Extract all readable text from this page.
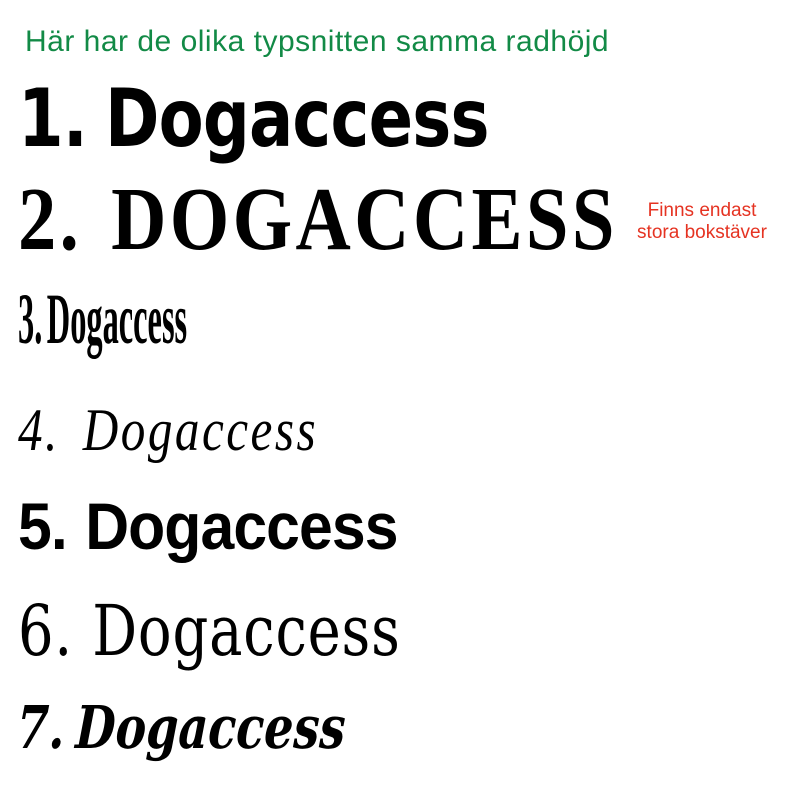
Här har de olika typsnitten samma radhöjd
1. Dogaccess
2. DOGACCESS	Finns endast
stora bokstäver
3.Dogaccess
4. Dogaccess
5. Dogaccess
6. Dogaccess
7. Dogaccess
